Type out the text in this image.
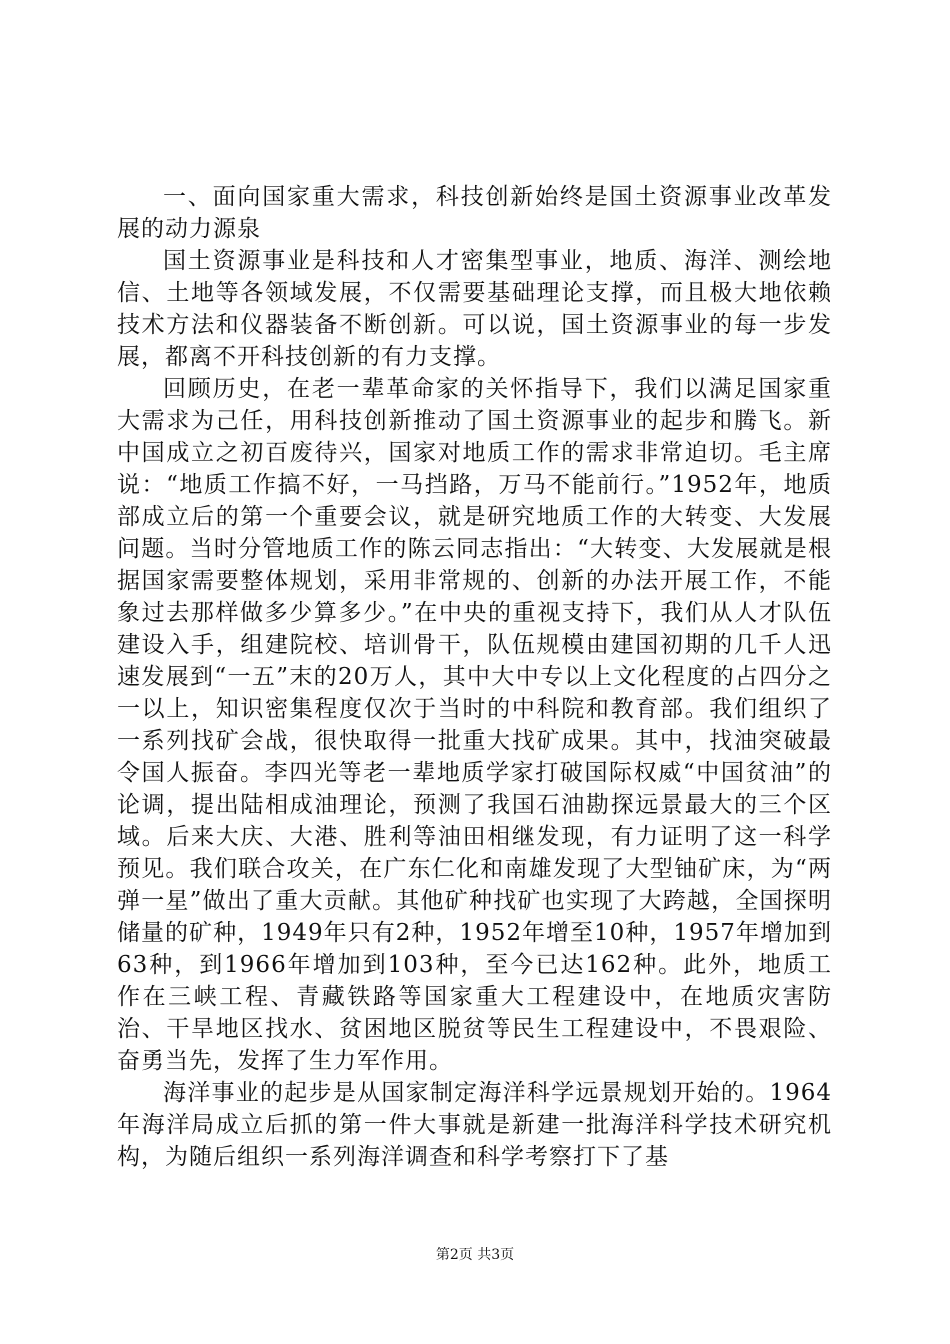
一、面向国家重大需求，科技创新始终是国土资源事业改革发展的动力源泉

国土资源事业是科技和人才密集型事业，地质、海洋、测绘地信、土地等各领域发展，不仅需要基础理论支撑，而且极大地依赖技术方法和仪器装备不断创新。可以说，国土资源事业的每一步发展，都离不开科技创新的有力支撑。

回顾历史，在老一辈革命家的关怀指导下，我们以满足国家重大需求为己任，用科技创新推动了国土资源事业的起步和腾飞。新中国成立之初百废待兴，国家对地质工作的需求非常迫切。毛主席说：“地质工作搞不好，一马挡路，万马不能前行。”1952年，地质部成立后的第一个重要会议，就是研究地质工作的大转变、大发展问题。当时分管地质工作的陈云同志指出：“大转变、大发展就是根据国家需要整体规划，采用非常规的、创新的办法开展工作，不能象过去那样做多少算多少。”在中央的重视支持下，我们从人才队伍建设入手，组建院校、培训骨干，队伍规模由建国初期的几千人迅速发展到“一五”末的20万人，其中大中专以上文化程度的占四分之一以上，知识密集程度仅次于当时的中科院和教育部。我们组织了一系列找矿会战，很快取得一批重大找矿成果。其中，找油突破最令国人振奋。李四光等老一辈地质学家打破国际权威“中国贫油”的论调，提出陆相成油理论，预测了我国石油勘探远景最大的三个区域。后来大庆、大港、胜利等油田相继发现，有力证明了这一科学预见。我们联合攻关，在广东仁化和南雄发现了大型铀矿床，为“两弹一星”做出了重大贡献。其他矿种找矿也实现了大跨越，全国探明储量的矿种，1949年只有2种，1952年增至10种，1957年增加到63种，到1966年增加到103种，至今已达162种。此外，地质工作在三峡工程、青藏铁路等国家重大工程建设中，在地质灾害防治、干旱地区找水、贫困地区脱贫等民生工程建设中，不畏艰险、奋勇当先，发挥了生力军作用。

海洋事业的起步是从国家制定海洋科学远景规划开始的。1964年海洋局成立后抓的第一件大事就是新建一批海洋科学技术研究机构，为随后组织一系列海洋调查和科学考察打下了基

第2页 共3页
